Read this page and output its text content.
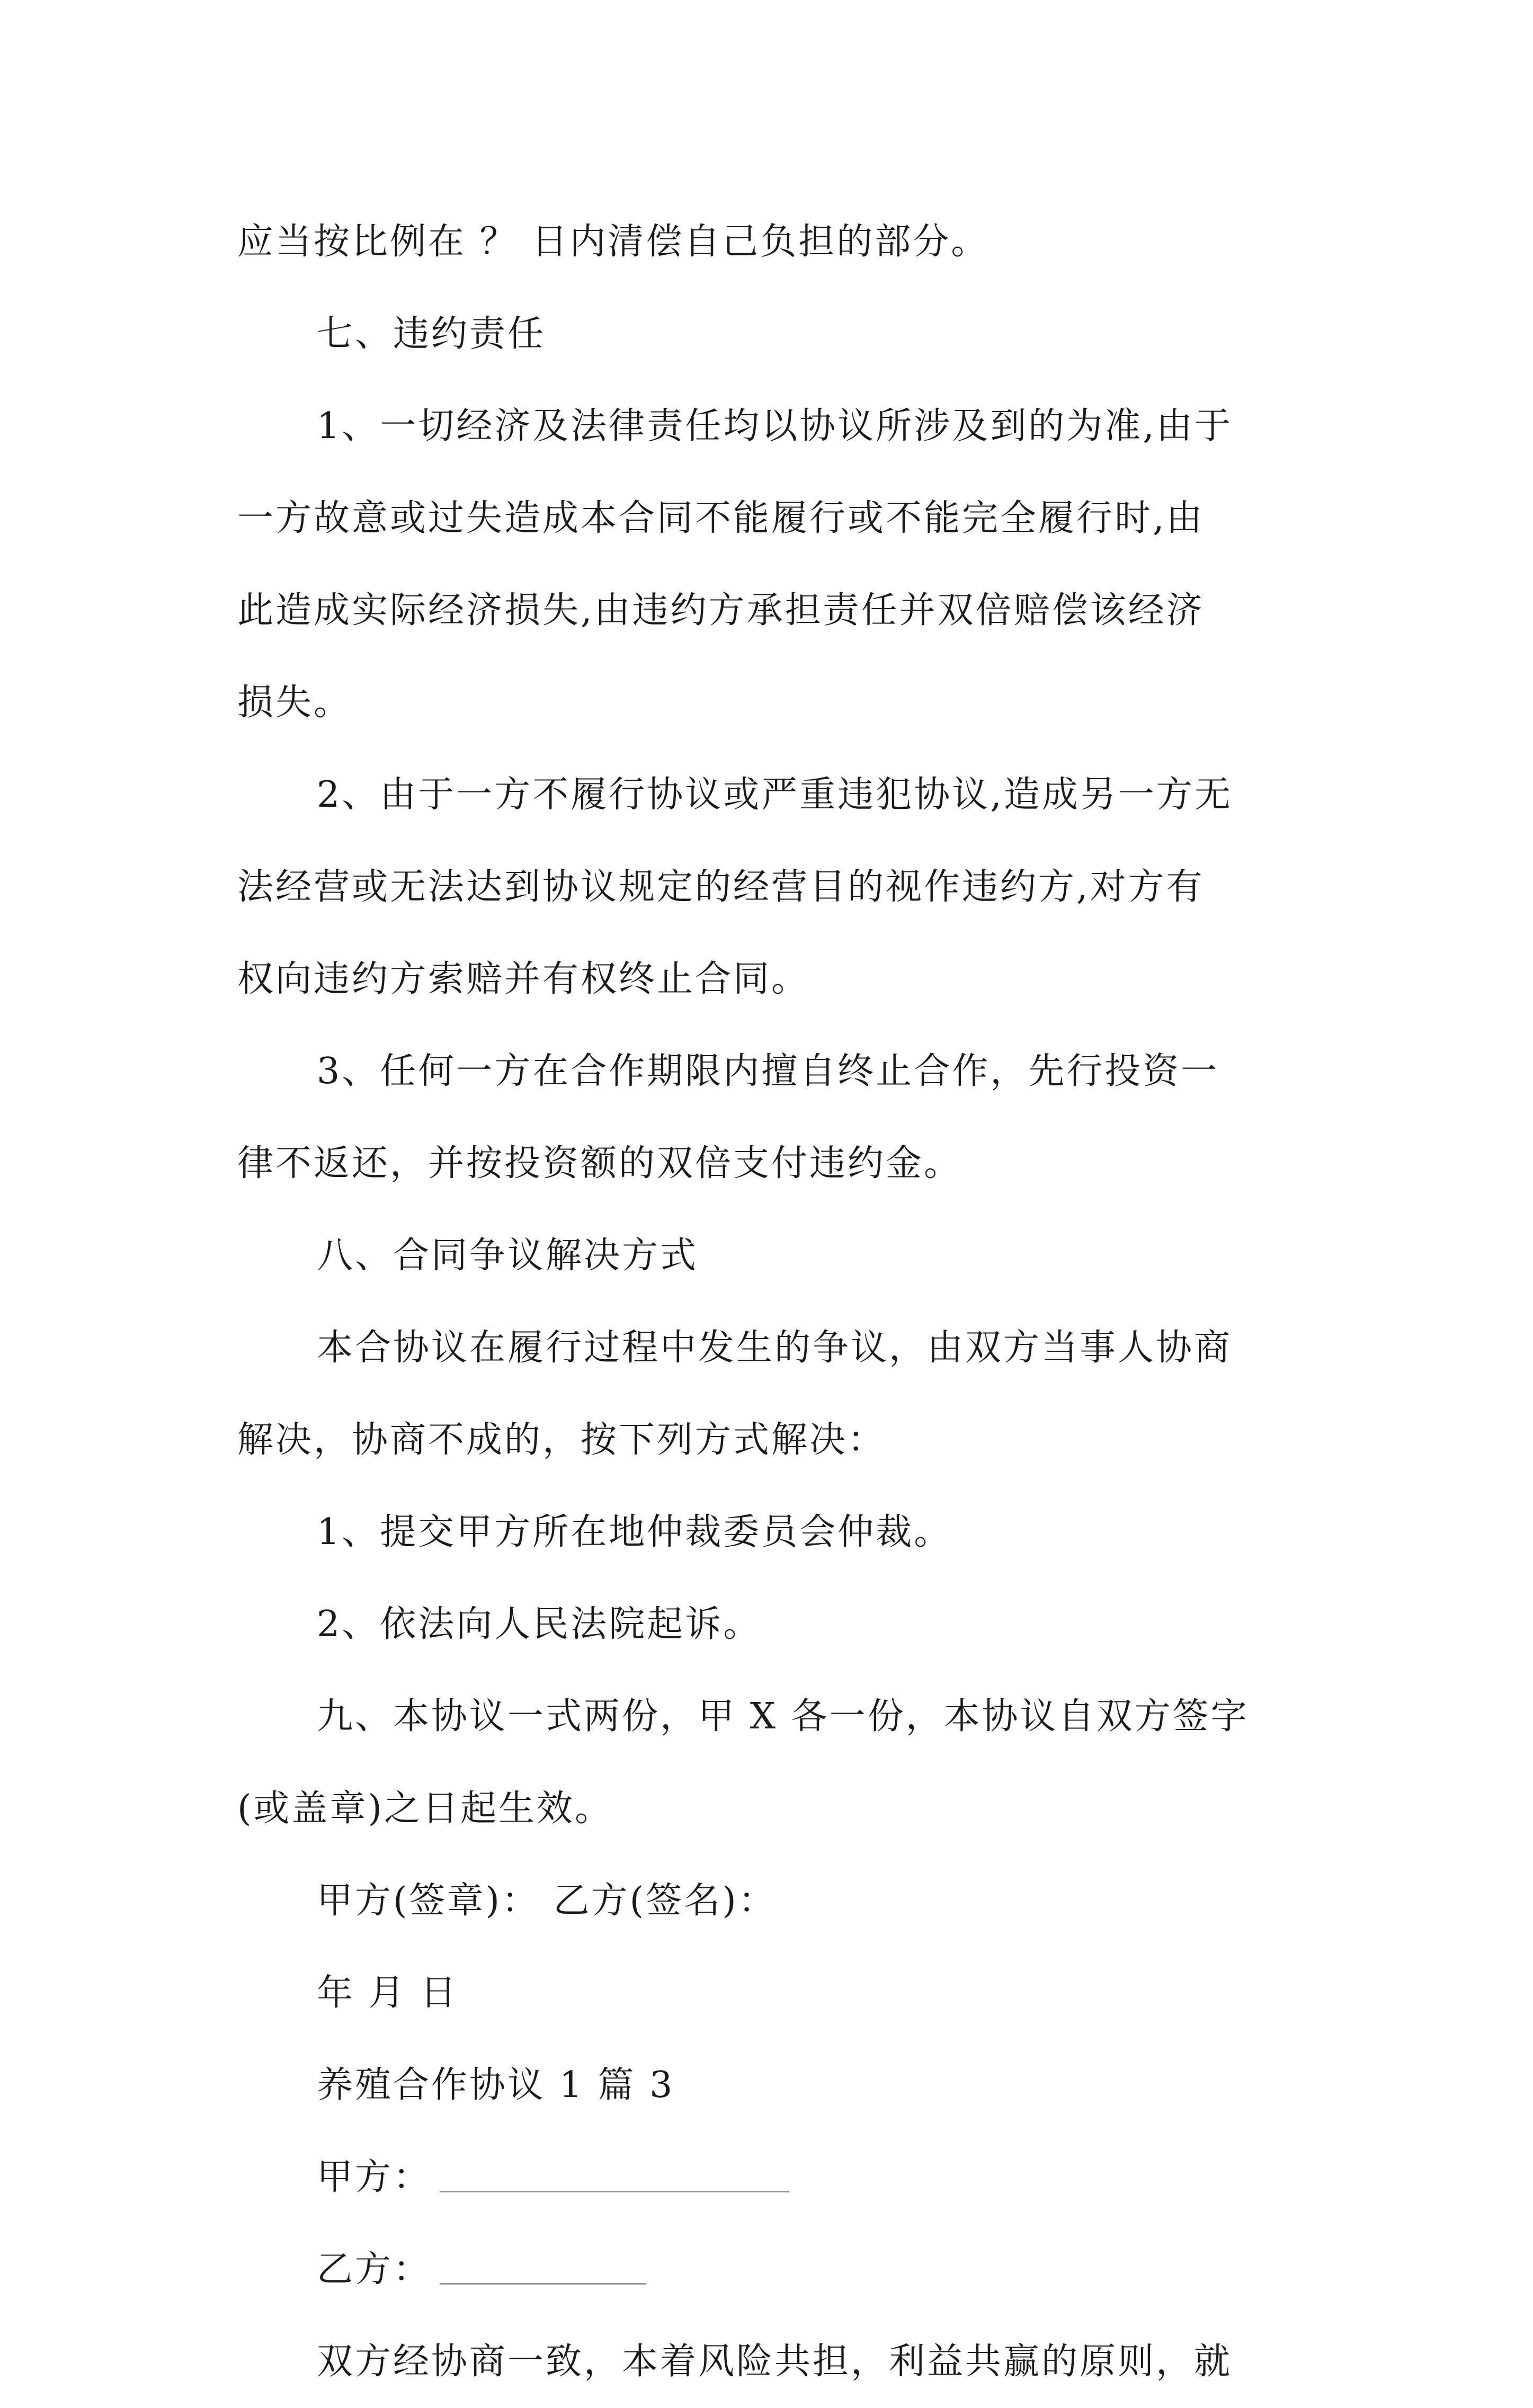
应当按比例在 ？ 日内清偿自己负担的部分。
七、违约责任
1、一切经济及法律责任均以协议所涉及到的为准,由于
一方故意或过失造成本合同不能履行或不能完全履行时,由
此造成实际经济损失,由违约方承担责任并双倍赔偿该经济
损失。
2、由于一方不履行协议或严重违犯协议,造成另一方无
法经营或无法达到协议规定的经营目的视作违约方,对方有
权向违约方索赔并有权终止合同。
3、任何一方在合作期限内擅自终止合作，先行投资一
律不返还，并按投资额的双倍支付违约金。
八、合同争议解决方式
本合协议在履行过程中发生的争议，由双方当事人协商
解决，协商不成的，按下列方式解决：
1、提交甲方所在地仲裁委员会仲裁。
2、依法向人民法院起诉。
九、本协议一式两份，甲 X 各一份，本协议自双方签字
(或盖章)之日起生效。
甲方(签章)： 乙方(签名)：
年 月 日
养殖合作协议 1 篇 3
甲方：
乙方：
双方经协商一致，本着风险共担，利益共赢的原则，就
